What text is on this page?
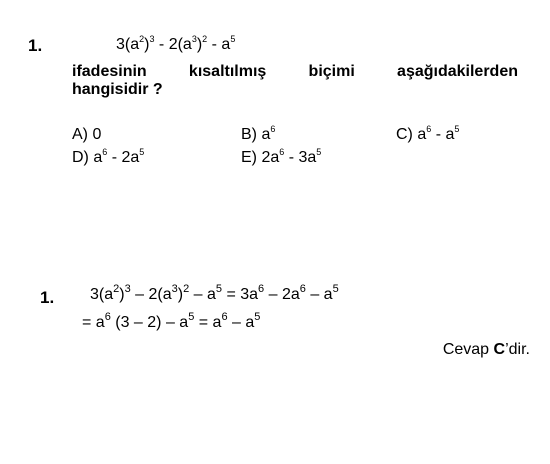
1.	$3(a^2)^3 - 2(a^3)^2 - a^5$
ifadesinin kısaltılmış biçimi aşağıdakilerden
hangisidir ?
A) 0	B) $a^6$	C) $a^6 - a^5$
D) $a^6 - 2a^5$	E) $2a^6 - 3a^5$
1. $3(a^2)^3 - 2(a^3)^2 - a^5 = 3a^6 - 2a^6 - a^5$
= $a^6$ $(3 - 2) - a^5 = a^6 - a^5$
Cevap C’dir.
